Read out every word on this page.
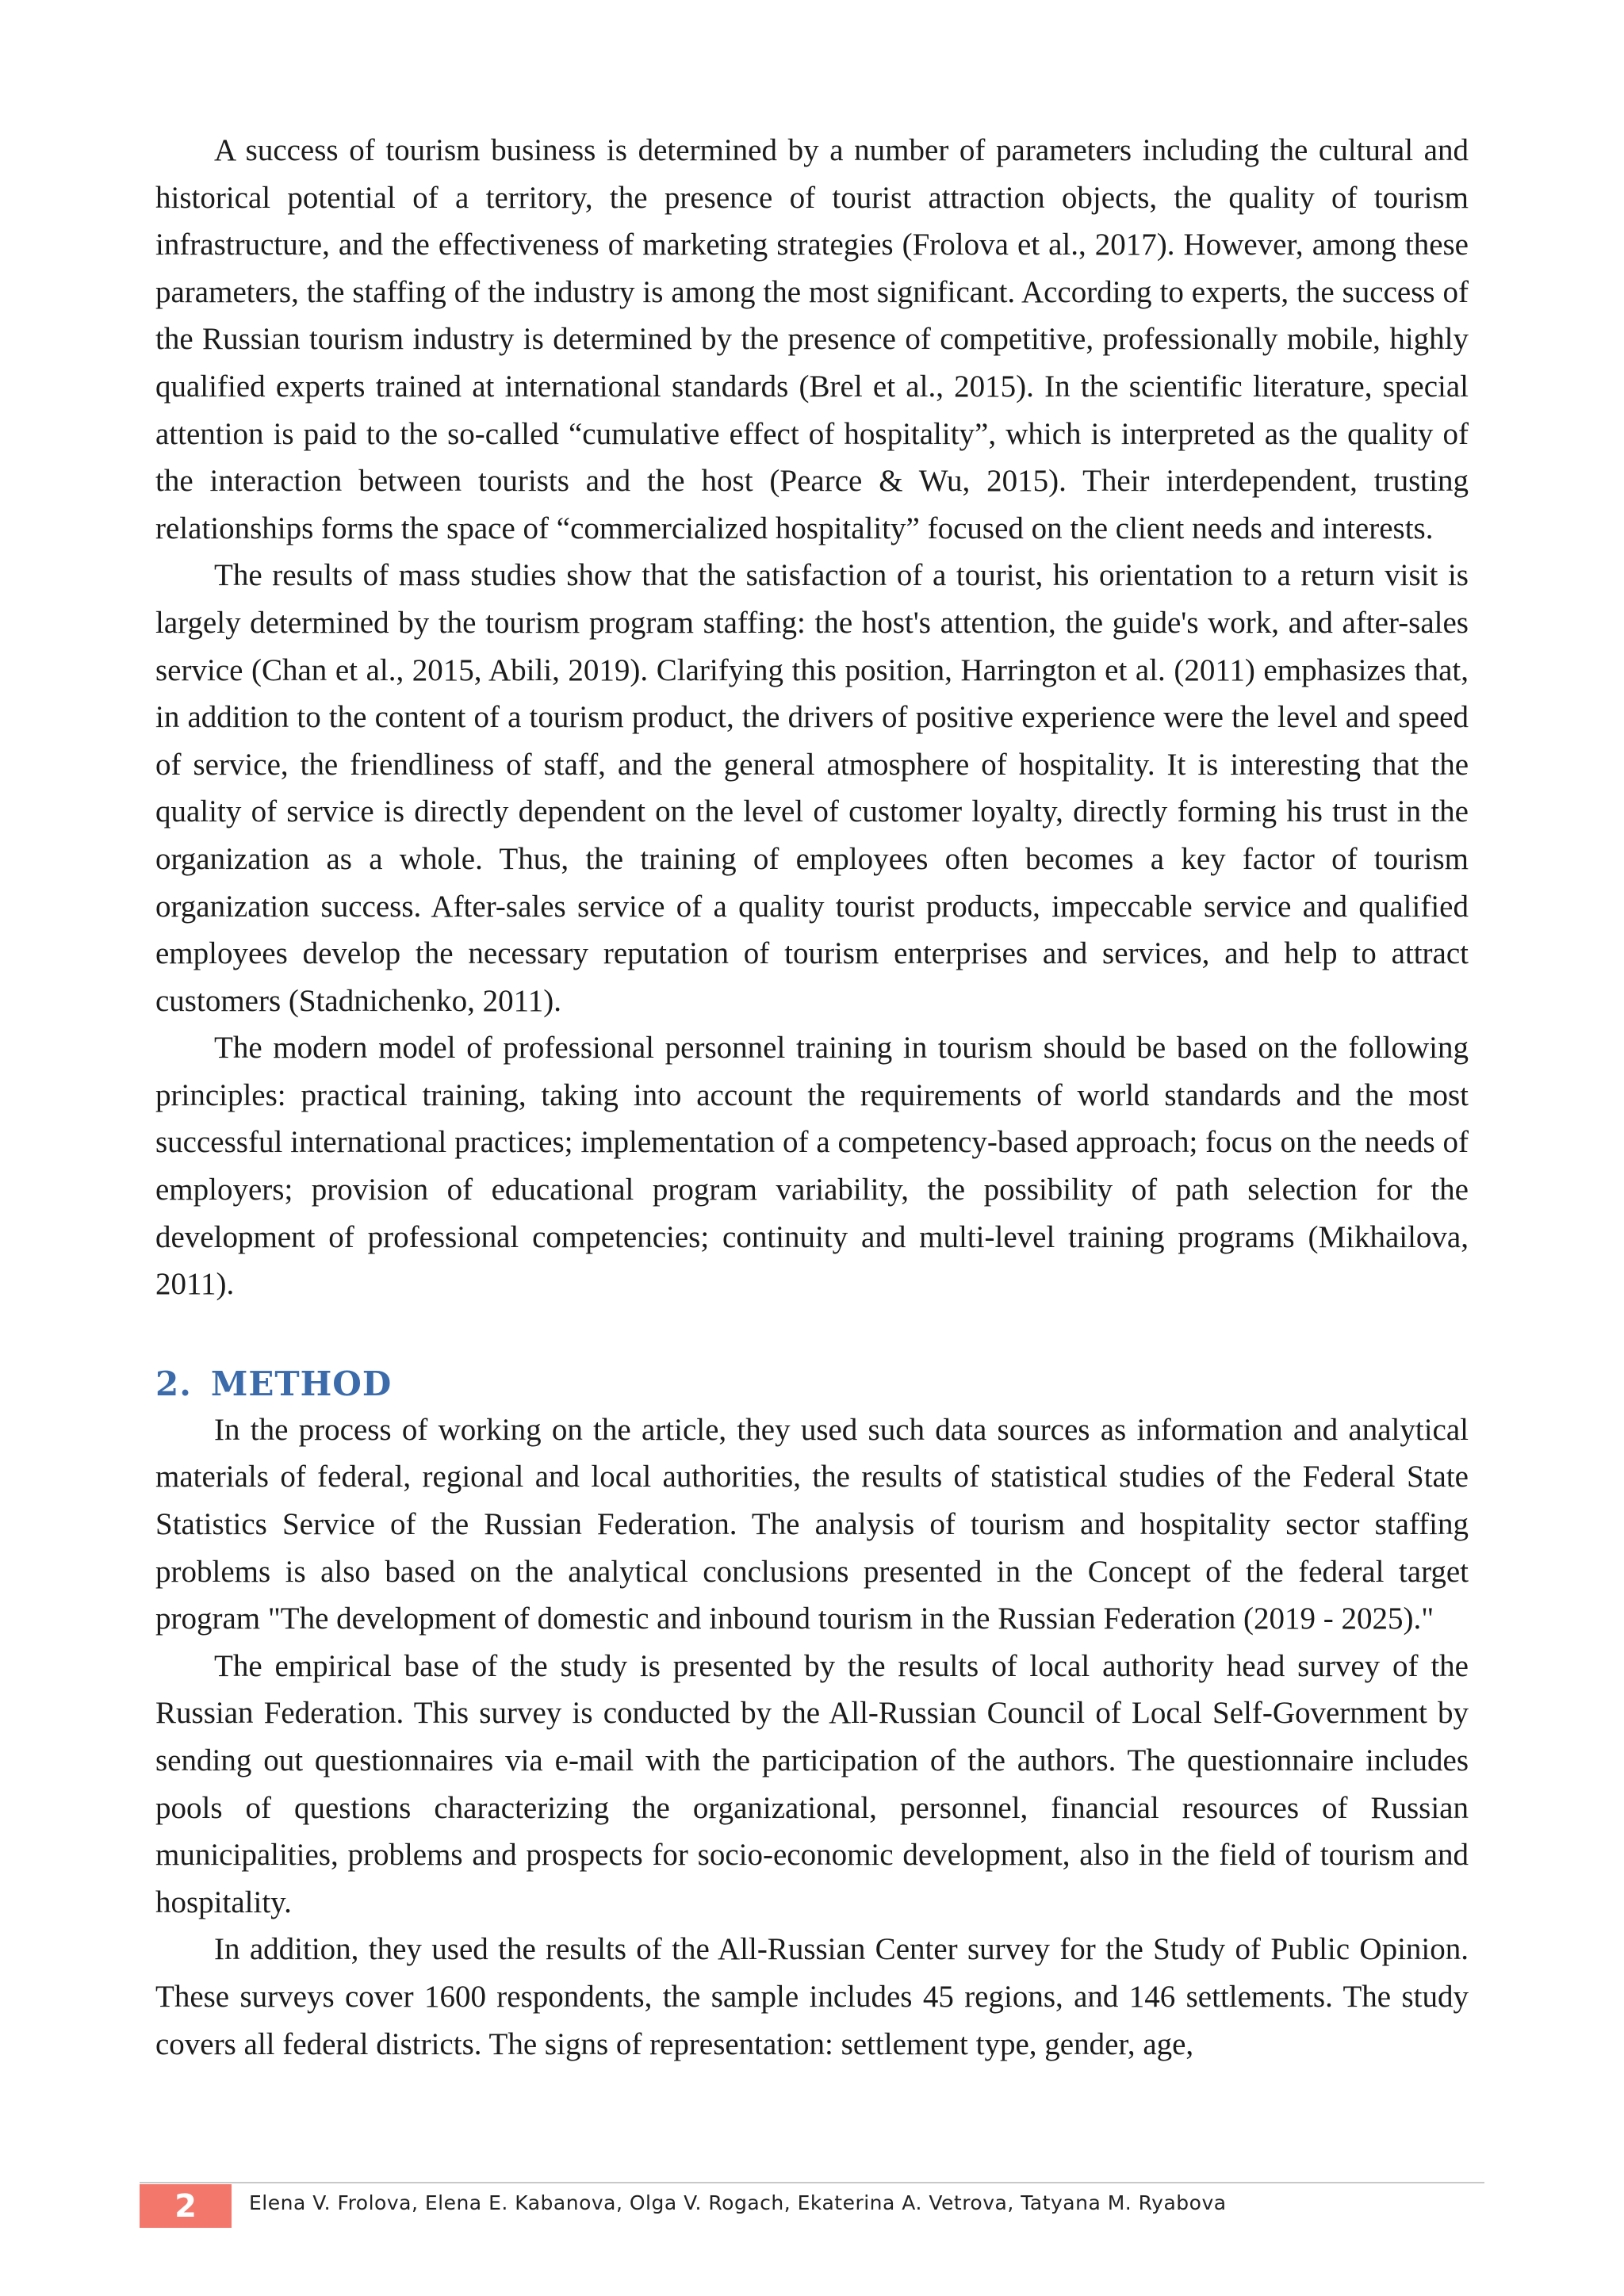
A success of tourism business is determined by a number of parameters including the cultural and historical potential of a territory, the presence of tourist attraction objects, the quality of tourism infrastructure, and the effectiveness of marketing strategies (Frolova et al., 2017). However, among these parameters, the staffing of the industry is among the most significant. According to experts, the success of the Russian tourism industry is determined by the presence of competitive, professionally mobile, highly qualified experts trained at international standards (Brel et al., 2015). In the scientific literature, special attention is paid to the so-called “cumulative effect of hospitality”, which is interpreted as the quality of the interaction between tourists and the host (Pearce & Wu, 2015). Their interdependent, trusting relationships forms the space of “commercialized hospitality” focused on the client needs and interests.

The results of mass studies show that the satisfaction of a tourist, his orientation to a return visit is largely determined by the tourism program staffing: the host's attention, the guide's work, and after-sales service (Chan et al., 2015, Abili, 2019). Clarifying this position, Harrington et al. (2011) emphasizes that, in addition to the content of a tourism product, the drivers of positive experience were the level and speed of service, the friendliness of staff, and the general atmosphere of hospitality. It is interesting that the quality of service is directly dependent on the level of customer loyalty, directly forming his trust in the organization as a whole. Thus, the training of employees often becomes a key factor of tourism organization success. After-sales service of a quality tourist products, impeccable service and qualified employees develop the necessary reputation of tourism enterprises and services, and help to attract customers (Stadnichenko, 2011).

The modern model of professional personnel training in tourism should be based on the following principles: practical training, taking into account the requirements of world standards and the most successful international practices; implementation of a competency-based approach; focus on the needs of employers; provision of educational program variability, the possibility of path selection for the development of professional competencies; continuity and multi-level training programs (Mikhailova, 2011).

2. METHOD

In the process of working on the article, they used such data sources as information and analytical materials of federal, regional and local authorities, the results of statistical studies of the Federal State Statistics Service of the Russian Federation. The analysis of tourism and hospitality sector staffing problems is also based on the analytical conclusions presented in the Concept of the federal target program "The development of domestic and inbound tourism in the Russian Federation (2019 - 2025)."

The empirical base of the study is presented by the results of local authority head survey of the Russian Federation. This survey is conducted by the All-Russian Council of Local Self-Government by sending out questionnaires via e-mail with the participation of the authors. The questionnaire includes pools of questions characterizing the organizational, personnel, financial resources of Russian municipalities, problems and prospects for socio-economic development, also in the field of tourism and hospitality.

In addition, they used the results of the All-Russian Center survey for the Study of Public Opinion. These surveys cover 1600 respondents, the sample includes 45 regions, and 146 settlements. The study covers all federal districts. The signs of representation: settlement type, gender, age,

2	Elena V. Frolova, Elena E. Kabanova, Olga V. Rogach, Ekaterina A. Vetrova, Tatyana M. Ryabova
